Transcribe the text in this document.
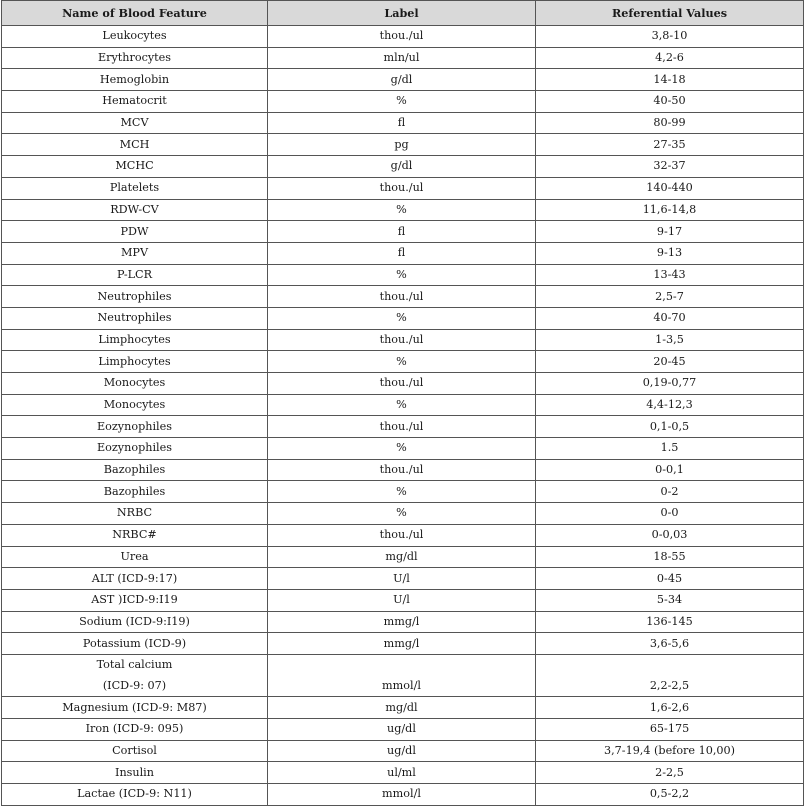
Name of Blood Feature	Label	Referential Values
Leukocytes	thou./ul	3,8-10
Erythrocytes	mln/ul	4,2-6
Hemoglobin	g/dl	14-18
Hematocrit	%	40-50
MCV	fl	80-99
MCH	pg	27-35
MCHC	g/dl	32-37
Platelets	thou./ul	140-440
RDW-CV	%	11,6-14,8
PDW	fl	9-17
MPV	fl	9-13
P-LCR	%	13-43
Neutrophiles	thou./ul	2,5-7
Neutrophiles	%	40-70
Limphocytes	thou./ul	1-3,5
Limphocytes	%	20-45
Monocytes	thou./ul	0,19-0,77
Monocytes	%	4,4-12,3
Eozynophiles	thou./ul	0,1-0,5
Eozynophiles	%	1.5
Bazophiles	thou./ul	0-0,1
Bazophiles	%	0-2
NRBC	%	0-0
NRBC#	thou./ul	0-0,03
Urea	mg/dl	18-55
ALT (ICD-9:17)	U/l	0-45
AST )ICD-9:I19	U/l	5-34
Sodium (ICD-9:I19)	mmg/l	136-145
Potassium (ICD-9)	mmg/l	3,6-5,6
Total calcium		
(ICD-9: 07)	mmol/l	2,2-2,5
Magnesium (ICD-9: M87)	mg/dl	1,6-2,6
Iron (ICD-9: 095)	ug/dl	65-175
Cortisol	ug/dl	3,7-19,4 (before 10,00)
Insulin	ul/ml	2-2,5
Lactae (ICD-9: N11)	mmol/l	0,5-2,2
